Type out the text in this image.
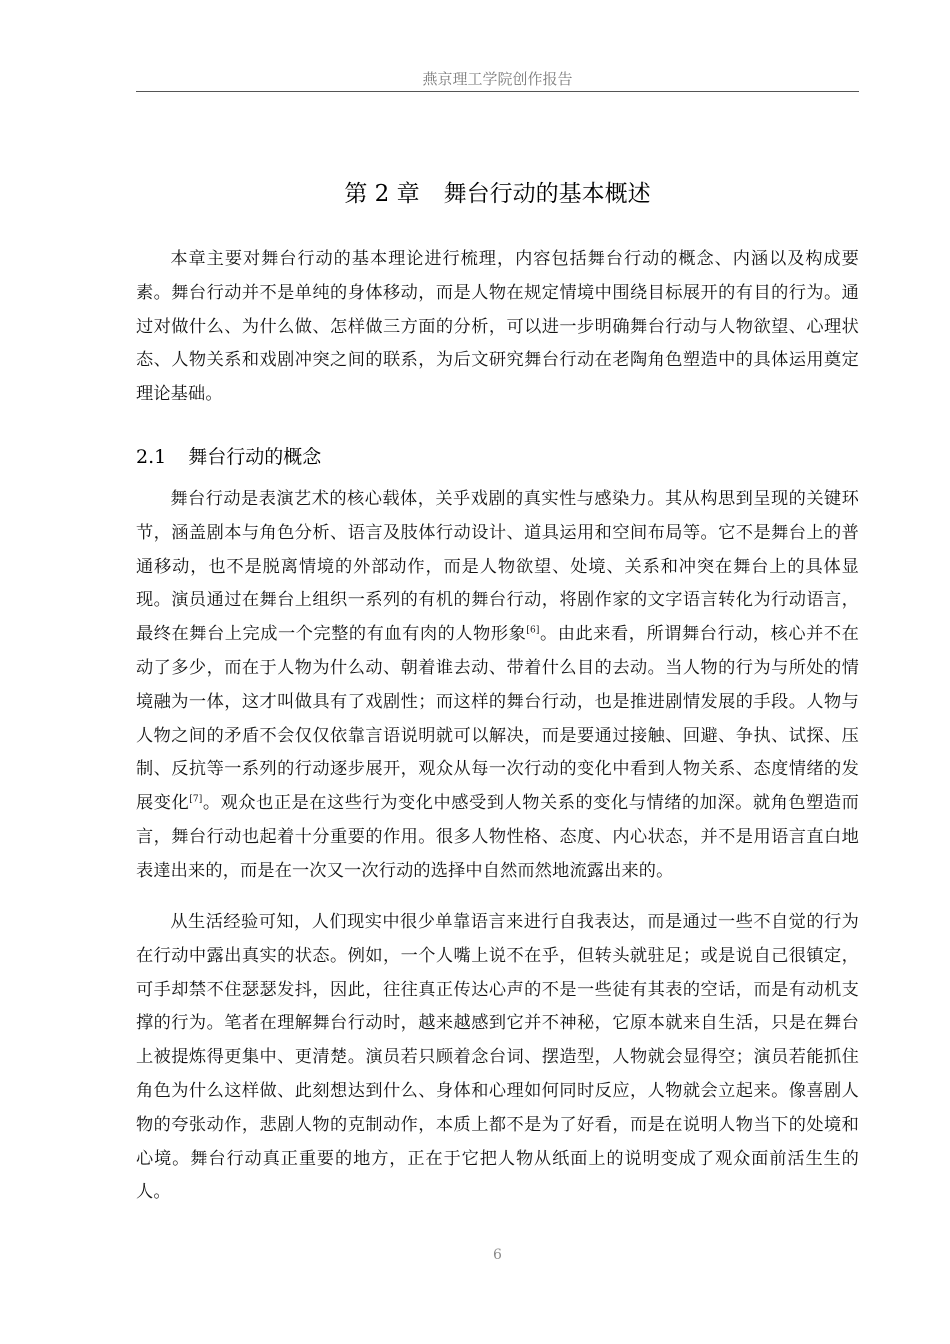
燕京理工学院创作报告
第 2 章 舞台行动的基本概述

本章主要对舞台行动的基本理论进行梳理，内容包括舞台行动的概念、内涵以及构成要素。舞台行动并不是单纯的身体移动，而是人物在规定情境中围绕目标展开的有目的行为。通过对做什么、为什么做、怎样做三方面的分析，可以进一步明确舞台行动与人物欲望、心理状态、人物关系和戏剧冲突之间的联系，为后文研究舞台行动在老陶角色塑造中的具体运用奠定理论基础。

2.1 舞台行动的概念

舞台行动是表演艺术的核心载体，关乎戏剧的真实性与感染力。其从构思到呈现的关键环节，涵盖剧本与角色分析、语言及肢体行动设计、道具运用和空间布局等。它不是舞台上的普通移动，也不是脱离情境的外部动作，而是人物欲望、处境、关系和冲突在舞台上的具体显现。演员通过在舞台上组织一系列的有机的舞台行动，将剧作家的文字语言转化为行动语言，最终在舞台上完成一个完整的有血有肉的人物形象[6]。由此来看，所谓舞台行动，核心并不在动了多少，而在于人物为什么动、朝着谁去动、带着什么目的去动。当人物的行为与所处的情境融为一体，这才叫做具有了戏剧性；而这样的舞台行动，也是推进剧情发展的手段。人物与人物之间的矛盾不会仅仅依靠言语说明就可以解决，而是要通过接触、回避、争执、试探、压制、反抗等一系列的行动逐步展开，观众从每一次行动的变化中看到人物关系、态度情绪的发展变化[7]。观众也正是在这些行为变化中感受到人物关系的变化与情绪的加深。就角色塑造而言，舞台行动也起着十分重要的作用。很多人物性格、态度、内心状态，并不是用语言直白地表達出来的，而是在一次又一次行动的选择中自然而然地流露出来的。

从生活经验可知，人们现实中很少单靠语言来进行自我表达，而是通过一些不自觉的行为在行动中露出真实的状态。例如，一个人嘴上说不在乎，但转头就驻足；或是说自己很镇定，可手却禁不住瑟瑟发抖，因此，往往真正传达心声的不是一些徒有其表的空话，而是有动机支撑的行为。笔者在理解舞台行动时，越来越感到它并不神秘，它原本就来自生活，只是在舞台上被提炼得更集中、更清楚。演员若只顾着念台词、摆造型，人物就会显得空；演员若能抓住角色为什么这样做、此刻想达到什么、身体和心理如何同时反应，人物就会立起来。像喜剧人物的夸张动作，悲剧人物的克制动作，本质上都不是为了好看，而是在说明人物当下的处境和心境。舞台行动真正重要的地方，正在于它把人物从纸面上的说明变成了观众面前活生生的人。

6
